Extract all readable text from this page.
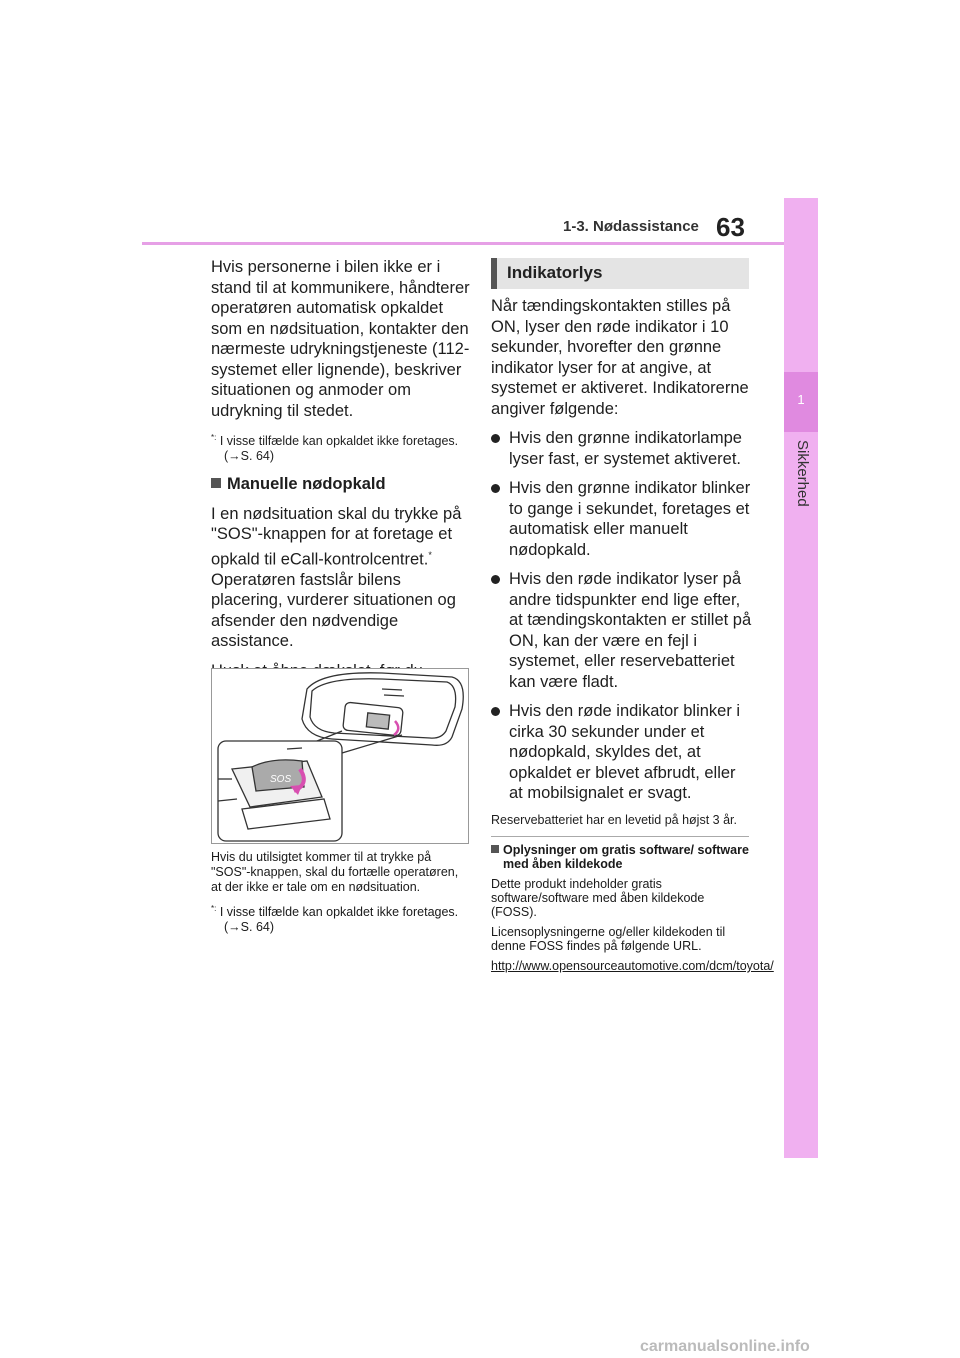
1-3. Nødassistance 63
1
Sikkerhed

Hvis personerne i bilen ikke er i stand til at kommunikere, håndterer operatøren automatisk opkaldet som en nødsituation, kontakter den nærmeste udrykningstjeneste (112-systemet eller lignende), beskriver situationen og anmoder om udrykning til stedet.

*: I visse tilfælde kan opkaldet ikke foretages. (→S. 64)

Manuelle nødopkald

I en nødsituation skal du trykke på "SOS"-knappen for at foretage et opkald til eCall-kontrolcentret.* Operatøren fastslår bilens placering, vurderer situationen og afsender den nødvendige assistance.

SOS

Hvis du utilsigtet kommer til at trykke på "SOS"-knappen, skal du fortælle operatøren, at der ikke er tale om en nødsituation.

*: I visse tilfælde kan opkaldet ikke foretages. (→S. 64)

Indikatorlys

Når tændingskontakten stilles på ON, lyser den røde indikator i 10 sekunder, hvorefter den grønne indikator lyser for at angive, at systemet er aktiveret. Indikatorerne angiver følgende:

Hvis den grønne indikatorlampe lyser fast, er systemet aktiveret.

Hvis den grønne indikator blinker to gange i sekundet, foretages et automatisk eller manuelt nødopkald.

Hvis den røde indikator lyser på andre tidspunkter end lige efter, at tændingskontakten er stillet på ON, kan der være en fejl i systemet, eller reservebatteriet kan være fladt.

Hvis den røde indikator blinker i cirka 30 sekunder under et nødopkald, skyldes det, at opkaldet er blevet afbrudt, eller at mobilsignalet er svagt.

Reservebatteriet har en levetid på højst 3 år.

Oplysninger om gratis software/ software med åben kildekode

Dette produkt indeholder gratis software/software med åben kildekode (FOSS).

Licensoplysningerne og/eller kildekoden til denne FOSS findes på følgende URL.

http://www.opensourceautomotive.com/dcm/toyota/

carmanualsonline.info
